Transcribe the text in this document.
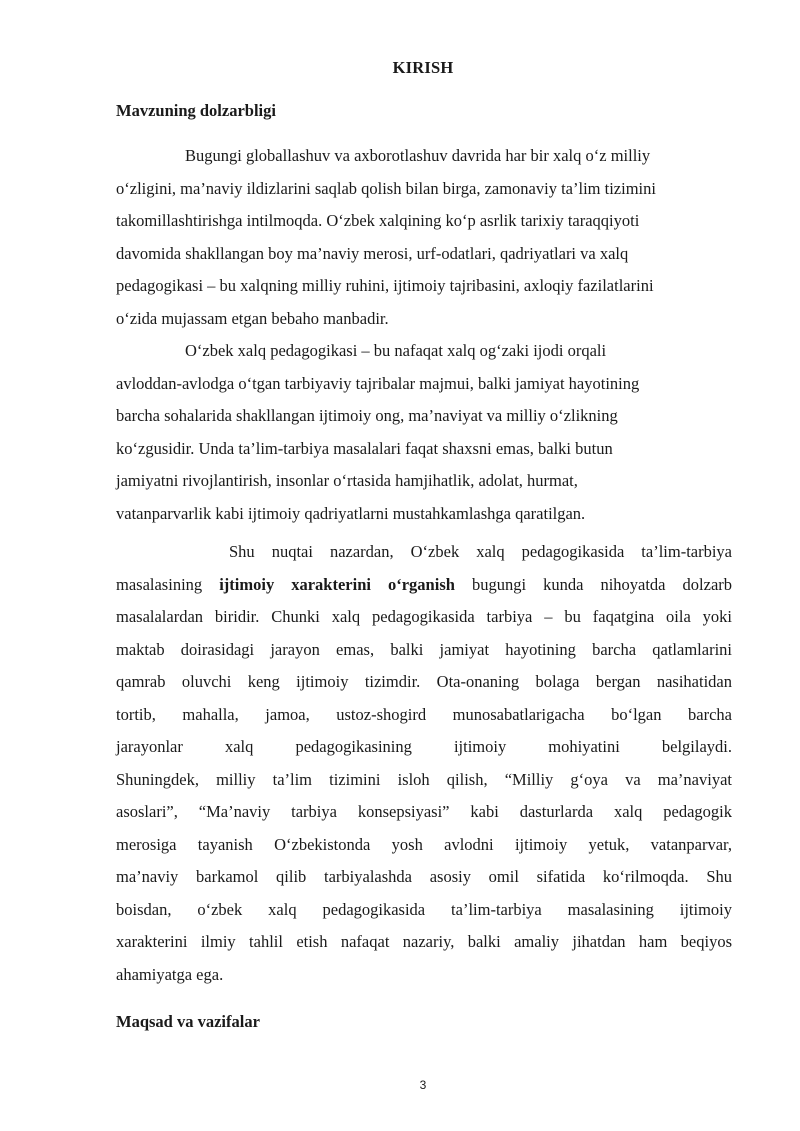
KIRISH
Mavzuning dolzarbligi
Bugungi globallashuv va axborotlashuv davrida har bir xalq o‘z milliy
o‘zligini, ma’naviy ildizlarini saqlab qolish bilan birga, zamonaviy ta’lim tizimini
takomillashtirishga intilmoqda. O‘zbek xalqining ko‘p asrlik tarixiy taraqqiyoti
davomida shakllangan boy ma’naviy merosi, urf-odatlari, qadriyatlari va xalq
pedagogikasi – bu xalqning milliy ruhini, ijtimoiy tajribasini, axloqiy fazilatlarini
o‘zida mujassam etgan bebaho manbadir.
O‘zbek xalq pedagogikasi – bu nafaqat xalq og‘zaki ijodi orqali
avloddan-avlodga o‘tgan tarbiyaviy tajribalar majmui, balki jamiyat hayotining
barcha sohalarida shakllangan ijtimoiy ong, ma’naviyat va milliy o‘zlikning
ko‘zgusidir. Unda ta’lim-tarbiya masalalari faqat shaxsni emas, balki butun
jamiyatni rivojlantirish, insonlar o‘rtasida hamjihatlik, adolat, hurmat,
vatanparvarlik kabi ijtimoiy qadriyatlarni mustahkamlashga qaratilgan.
Shu nuqtai nazardan, O‘zbek xalq pedagogikasida ta’lim-tarbiya
masalasining ijtimoiy xarakterini o‘rganish bugungi kunda nihoyatda dolzarb
masalalardan biridir. Chunki xalq pedagogikasida tarbiya – bu faqatgina oila yoki
maktab doirasidagi jarayon emas, balki jamiyat hayotining barcha qatlamlarini
qamrab oluvchi keng ijtimoiy tizimdir. Ota-onaning bolaga bergan nasihatidan
tortib, mahalla, jamoa, ustoz-shogird munosabatlarigacha bo‘lgan barcha
jarayonlar xalq pedagogikasining ijtimoiy mohiyatini belgilaydi.
Shuningdek, milliy ta’lim tizimini isloh qilish, “Milliy g‘oya va ma’naviyat
asoslari”, “Ma’naviy tarbiya konsepsiyasi” kabi dasturlarda xalq pedagogik
merosiga tayanish O‘zbekistonda yosh avlodni ijtimoiy yetuk, vatanparvar,
ma’naviy barkamol qilib tarbiyalashda asosiy omil sifatida ko‘rilmoqda. Shu
boisdan, o‘zbek xalq pedagogikasida ta’lim-tarbiya masalasining ijtimoiy
xarakterini ilmiy tahlil etish nafaqat nazariy, balki amaliy jihatdan ham beqiyos
ahamiyatga ega.
Maqsad va vazifalar
3
